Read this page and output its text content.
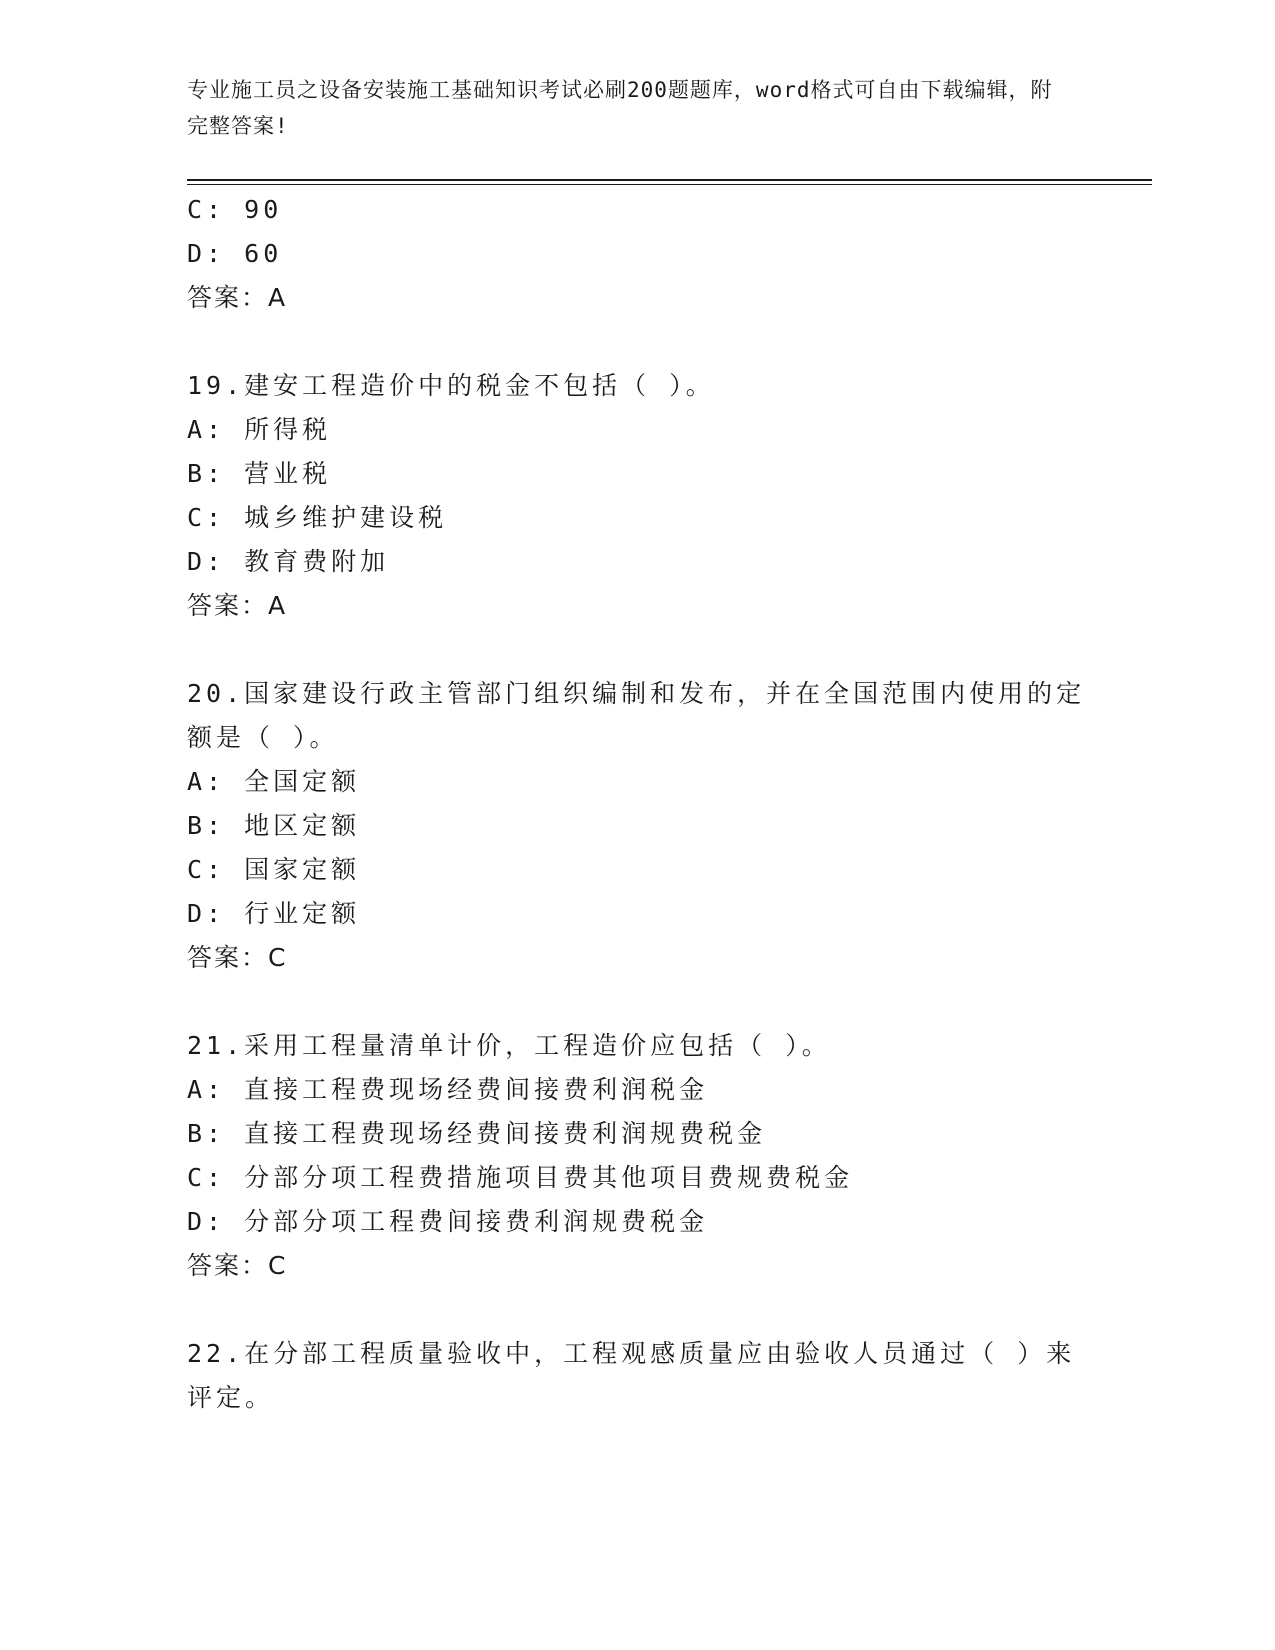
专业施工员之设备安装施工基础知识考试必刷200题题库，word格式可自由下载编辑，附完整答案!
C: 90
D: 60
答案：A
19.建安工程造价中的税金不包括（ ）。
A: 所得税
B: 营业税
C: 城乡维护建设税
D: 教育费附加
答案：A
20.国家建设行政主管部门组织编制和发布，并在全国范围内使用的定
额是（ ）。
A: 全国定额
B: 地区定额
C: 国家定额
D: 行业定额
答案：C
21.采用工程量清单计价，工程造价应包括（ ）。
A: 直接工程费现场经费间接费利润税金
B: 直接工程费现场经费间接费利润规费税金
C: 分部分项工程费措施项目费其他项目费规费税金
D: 分部分项工程费间接费利润规费税金
答案：C
22.在分部工程质量验收中，工程观感质量应由验收人员通过（ ）来
评定。
